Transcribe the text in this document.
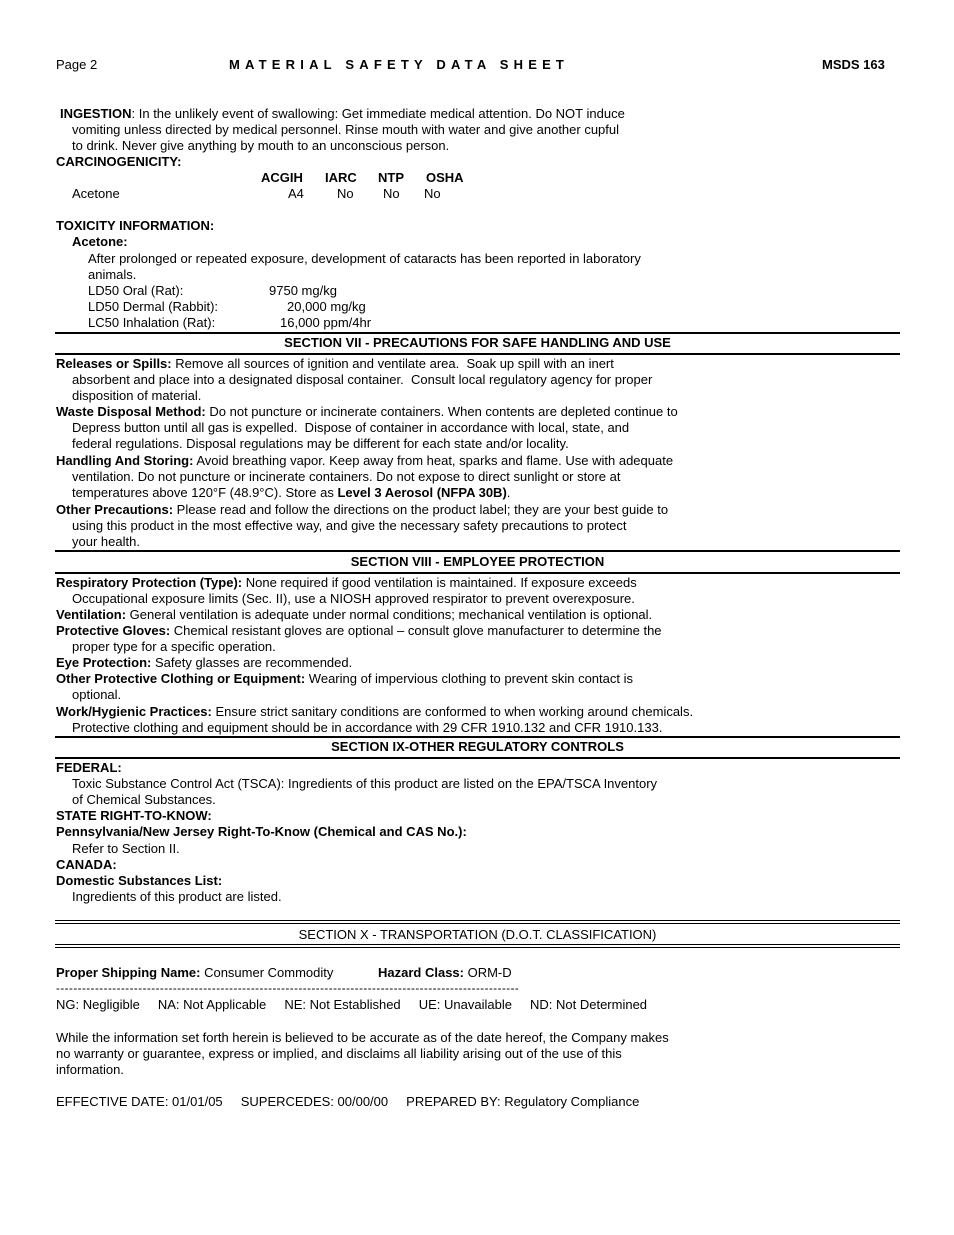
Page 2	MATERIAL SAFETY DATA SHEET	MSDS 163
INGESTION: In the unlikely event of swallowing: Get immediate medical attention. Do NOT induce
vomiting unless directed by medical personnel. Rinse mouth with water and give another cupful
to drink. Never give anything by mouth to an unconscious person.
CARCINOGENICITY:
ACGIH IARC NTP OSHA
Acetone	A4	No No No
TOXICITY INFORMATION:
Acetone:
After prolonged or repeated exposure, development of cataracts has been reported in laboratory
animals.
LD50 Oral (Rat):	9750 mg/kg
LD50 Dermal (Rabbit):	20,000 mg/kg
LC50 Inhalation (Rat):	16,000 ppm/4hr
SECTION VII - PRECAUTIONS FOR SAFE HANDLING AND USE
Releases or Spills: Remove all sources of ignition and ventilate area.  Soak up spill with an inert
absorbent and place into a designated disposal container.  Consult local regulatory agency for proper
disposition of material.
Waste Disposal Method: Do not puncture or incinerate containers. When contents are depleted continue to
Depress button until all gas is expelled.  Dispose of container in accordance with local, state, and
federal regulations. Disposal regulations may be different for each state and/or locality.
Handling And Storing: Avoid breathing vapor. Keep away from heat, sparks and flame. Use with adequate
ventilation. Do not puncture or incinerate containers. Do not expose to direct sunlight or store at
temperatures above 120°F (48.9°C). Store as Level 3 Aerosol (NFPA 30B).
Other Precautions: Please read and follow the directions on the product label; they are your best guide to
using this product in the most effective way, and give the necessary safety precautions to protect
your health.
SECTION VIII - EMPLOYEE PROTECTION
Respiratory Protection (Type): None required if good ventilation is maintained. If exposure exceeds
Occupational exposure limits (Sec. II), use a NIOSH approved respirator to prevent overexposure.
Ventilation: General ventilation is adequate under normal conditions; mechanical ventilation is optional.
Protective Gloves: Chemical resistant gloves are optional – consult glove manufacturer to determine the
proper type for a specific operation.
Eye Protection: Safety glasses are recommended.
Other Protective Clothing or Equipment: Wearing of impervious clothing to prevent skin contact is
optional.
Work/Hygienic Practices: Ensure strict sanitary conditions are conformed to when working around chemicals.
Protective clothing and equipment should be in accordance with 29 CFR 1910.132 and CFR 1910.133.
SECTION IX-OTHER REGULATORY CONTROLS
FEDERAL:
Toxic Substance Control Act (TSCA): Ingredients of this product are listed on the EPA/TSCA Inventory
of Chemical Substances.
STATE RIGHT-TO-KNOW:
Pennsylvania/New Jersey Right-To-Know (Chemical and CAS No.):
Refer to Section II.
CANADA:
Domestic Substances List:
Ingredients of this product are listed.
SECTION X - TRANSPORTATION (D.O.T. CLASSIFICATION)
Proper Shipping Name: Consumer Commodity	Hazard Class: ORM-D
-----------------------------------------------------------------------------------------------------------
NG: Negligible     NA: Not Applicable     NE: Not Established     UE: Unavailable     ND: Not Determined
While the information set forth herein is believed to be accurate as of the date hereof, the Company makes
no warranty or guarantee, express or implied, and disclaims all liability arising out of the use of this
information.
EFFECTIVE DATE: 01/01/05     SUPERCEDES: 00/00/00     PREPARED BY: Regulatory Compliance
